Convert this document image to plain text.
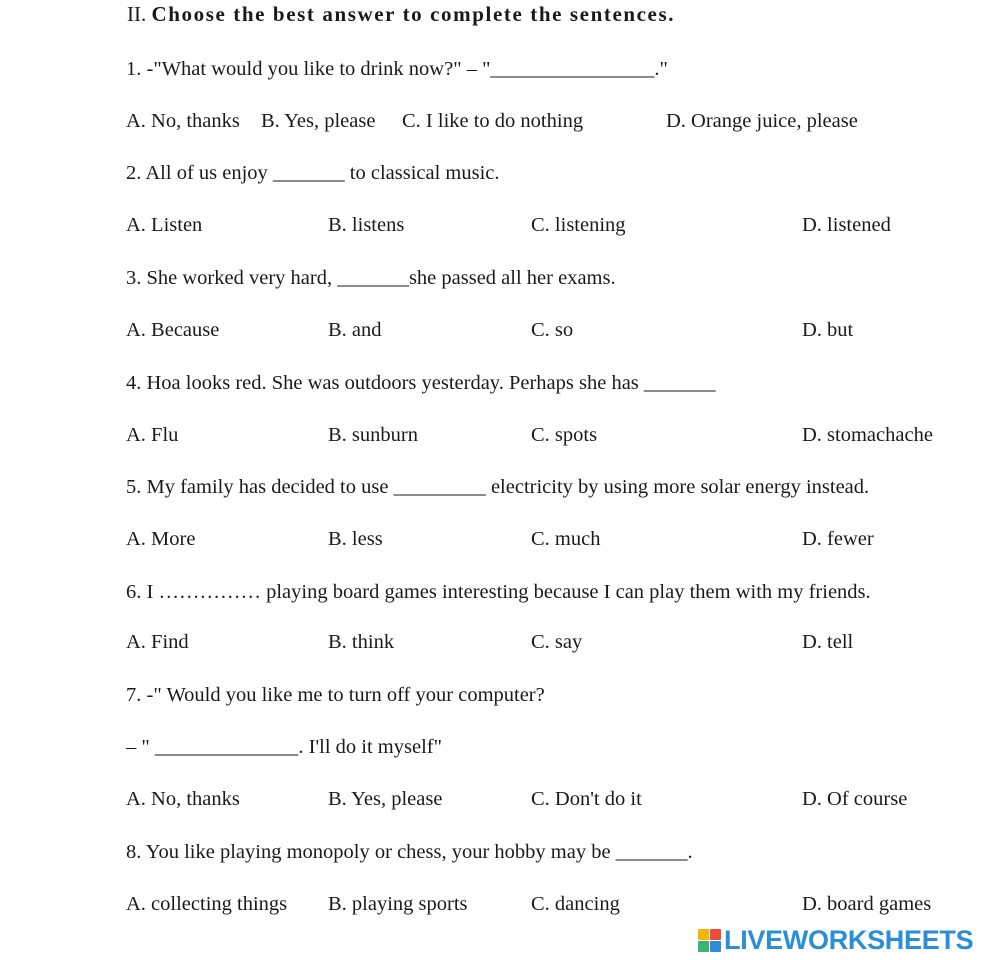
II. Choose the best answer to complete the sentences.
1. -"What would you like to drink now?" – "________________."
A. No, thanks B. Yes, please C. I like to do nothing	D. Orange juice, please
2. All of us enjoy _______ to classical music.
A. Listen	B. listens	C. listening	D. listened
3. She worked very hard, _______she passed all her exams.
A. Because	B. and	C. so	D. but
4. Hoa looks red. She was outdoors yesterday. Perhaps she has _______
A. Flu	B. sunburn	C. spots	D. stomachache
5. My family has decided to use _________ electricity by using more solar energy instead.
A. More	B. less	C. much	D. fewer
6. I …………… playing board games interesting because I can play them with my friends.
A. Find	B. think	C. say	D. tell
7. -" Would you like me to turn off your computer?
– " ______________. I'll do it myself"
A. No, thanks	B. Yes, please	C. Don't do it	D. Of course
8. You like playing monopoly or chess, your hobby may be _______.
A. collecting things B. playing sports	C. dancing	D. board games
LIVEWORKSHEETS
